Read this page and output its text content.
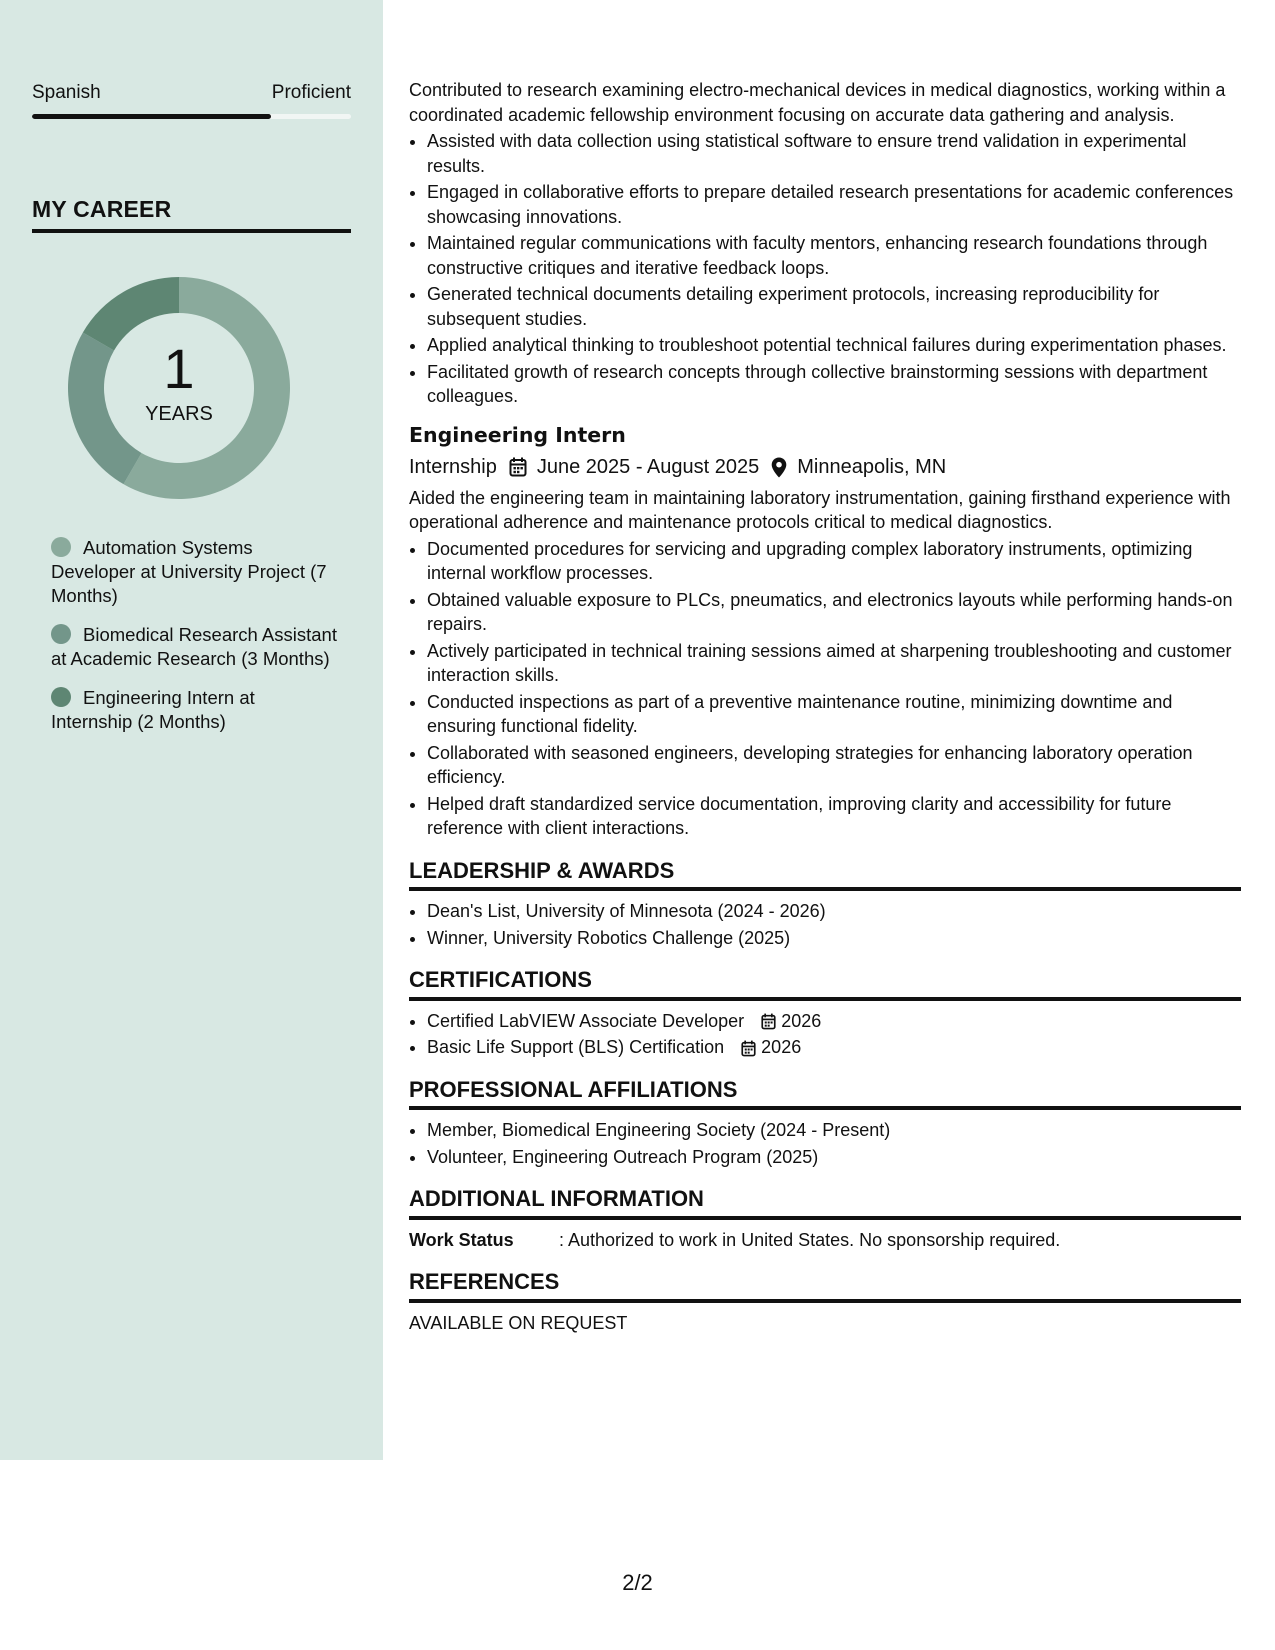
Spanish	Proficient
MY CAREER
1
YEARS
Automation Systems Developer at University Project (7 Months)
Biomedical Research Assistant at Academic Research (3 Months)
Engineering Intern at Internship (2 Months)

Contributed to research examining electro-mechanical devices in medical diagnostics, working within a coordinated academic fellowship environment focusing on accurate data gathering and analysis.

• Assisted with data collection using statistical software to ensure trend validation in experimental results.
• Engaged in collaborative efforts to prepare detailed research presentations for academic conferences showcasing innovations.
• Maintained regular communications with faculty mentors, enhancing research foundations through constructive critiques and iterative feedback loops.
• Generated technical documents detailing experiment protocols, increasing reproducibility for subsequent studies.
• Applied analytical thinking to troubleshoot potential technical failures during experimentation phases.
• Facilitated growth of research concepts through collective brainstorming sessions with department colleagues.
Engineering Intern
Internship June 2025 - August 2025 Minneapolis, MN

Aided the engineering team in maintaining laboratory instrumentation, gaining firsthand experience with operational adherence and maintenance protocols critical to medical diagnostics.

• Documented procedures for servicing and upgrading complex laboratory instruments, optimizing internal workflow processes.
• Obtained valuable exposure to PLCs, pneumatics, and electronics layouts while performing hands-on repairs.
• Actively participated in technical training sessions aimed at sharpening troubleshooting and customer interaction skills.
• Conducted inspections as part of a preventive maintenance routine, minimizing downtime and ensuring functional fidelity.
• Collaborated with seasoned engineers, developing strategies for enhancing laboratory operation efficiency.
• Helped draft standardized service documentation, improving clarity and accessibility for future reference with client interactions.
LEADERSHIP & AWARDS
• Dean's List, University of Minnesota (2024 - 2026)
• Winner, University Robotics Challenge (2025)
CERTIFICATIONS
• Certified LabVIEW Associate Developer 2026
• Basic Life Support (BLS) Certification 2026
PROFESSIONAL AFFILIATIONS
• Member, Biomedical Engineering Society (2024 - Present)
• Volunteer, Engineering Outreach Program (2025)
ADDITIONAL INFORMATION
Work Status	: Authorized to work in United States. No sponsorship required.
REFERENCES

AVAILABLE ON REQUEST

2/2
